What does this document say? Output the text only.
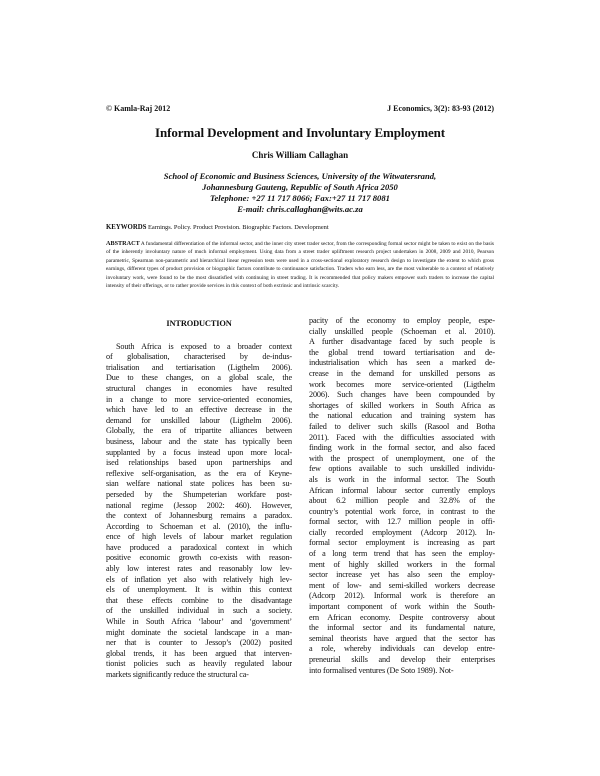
© Kamla-Raj 2012	J Economics, 3(2): 83-93 (2012)
Informal Development and Involuntary Employment
Chris William Callaghan
School of Economic and Business Sciences, University of the Witwatersrand,
Johannesburg Gauteng, Republic of South Africa 2050
Telephone: +27 11 717 8066; Fax:+27 11 717 8081
E-mail: chris.callaghan@wits.ac.za
KEYWORDS Earnings. Policy. Product Provision. Biographic Factors. Development
ABSTRACT A fundamental differentiation of the informal sector, and the inner city street trader sector, from the corresponding formal sector might be taken to exist on the basis of the inherently involuntary nature of much informal employment. Using data from a street trader upliftment research project undertaken in 2008, 2009 and 2010, Pearson parametric, Spearman non-parametric and hierarchical linear regression tests were used in a cross-sectional exploratory research design to investigate the extent to which gross earnings, different types of product provision or biographic factors contribute to continuance satisfaction. Traders who earn less, are the most vulnerable to a context of relatively involuntary work, were found to be the most dissatisfied with continuing in street trading. It is recommended that policy makers empower such traders to increase the capital intensity of their offerings, or to rather provide services in this context of both extrinsic and intrinsic scarcity.
INTRODUCTION
South Africa is exposed to a broader context
of globalisation, characterised by de-indus-
trialisation and tertiarisation (Ligthelm 2006).
Due to these changes, on a global scale, the
structural changes in economies have resulted
in a change to more service-oriented economies,
which have led to an effective decrease in the
demand for unskilled labour (Ligthelm 2006).
Globally, the era of tripartite alliances between
business, labour and the state has typically been
supplanted by a focus instead upon more local-
ised relationships based upon partnerships and
reflexive self-organisation, as the era of Keyne-
sian welfare national state polices has been su-
perseded by the Shumpeterian workfare post-
national regime (Jessop 2002: 460). However,
the context of Johannesburg remains a paradox.
According to Schoeman et al. (2010), the influ-
ence of high levels of labour market regulation
have produced a paradoxical context in which
positive economic growth co-exists with reason-
ably low interest rates and reasonably low lev-
els of inflation yet also with relatively high lev-
els of unemployment. It is within this context
that these effects combine to the disadvantage
of the unskilled individual in such a society.
While in South Africa ‘labour’ and ‘government’
might dominate the societal landscape in a man-
ner that is counter to Jessop’s (2002) posited
global trends, it has been argued that interven-
tionist policies such as heavily regulated labour
markets significantly reduce the structural ca-
pacity of the economy to employ people, espe-
cially unskilled people (Schoeman et al. 2010).
A further disadvantage faced by such people is
the global trend toward tertiarisation and de-
industrialisation which has seen a marked de-
crease in the demand for unskilled persons as
work becomes more service-oriented (Ligthelm
2006). Such changes have been compounded by
shortages of skilled workers in South Africa as
the national education and training system has
failed to deliver such skills (Rasool and Botha
2011). Faced with the difficulties associated with
finding work in the formal sector, and also faced
with the prospect of unemployment, one of the
few options available to such unskilled individu-
als is work in the informal sector. The South
African informal labour sector currently employs
about 6.2 million people and 32.8% of the
country’s potential work force, in contrast to the
formal sector, with 12.7 million people in offi-
cially recorded employment (Adcorp 2012). In-
formal sector employment is increasing as part
of a long term trend that has seen the employ-
ment of highly skilled workers in the formal
sector increase yet has also seen the employ-
ment of low- and semi-skilled workers decrease
(Adcorp 2012). Informal work is therefore an
important component of work within the South-
ern African economy. Despite controversy about
the informal sector and its fundamental nature,
seminal theorists have argued that the sector has
a role, whereby individuals can develop entre-
preneurial skills and develop their enterprises
into formalised ventures (De Soto 1989). Not-
